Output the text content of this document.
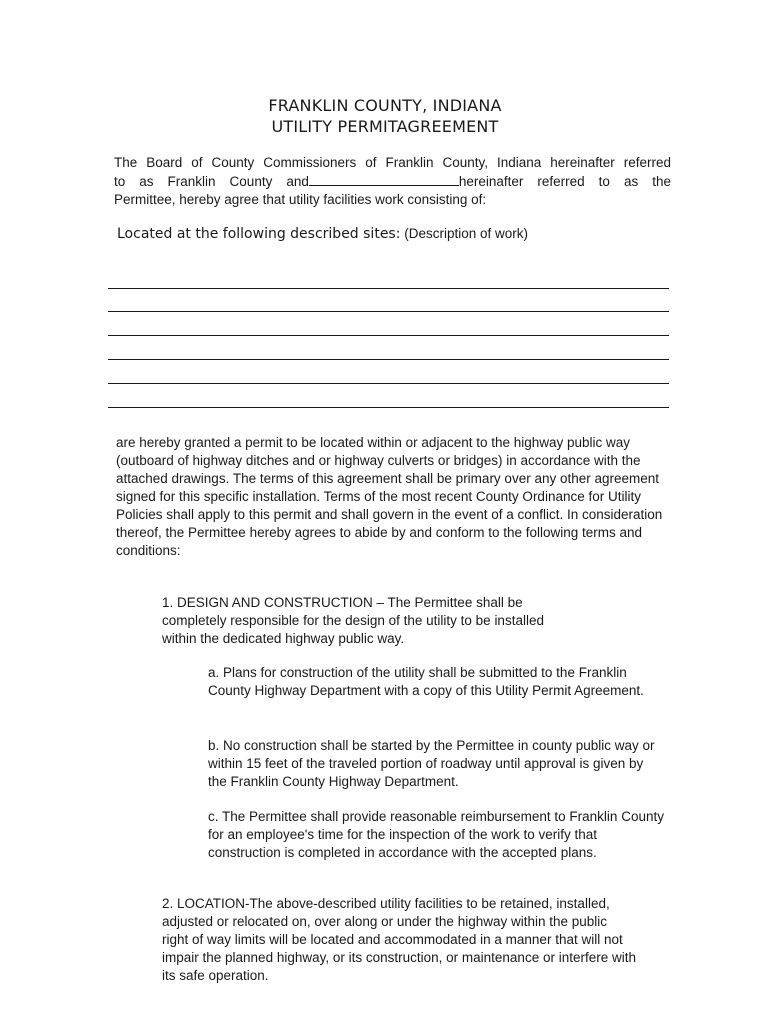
FRANKLIN COUNTY, INDIANA
UTILITY PERMITAGREEMENT
The Board of County Commissioners of Franklin County, Indiana hereinafter referred
to as Franklin County and	hereinafter referred to as the
Permittee, hereby agree that utility facilities work consisting of:
Located at the following described sites: (Description of work)
are hereby granted a permit to be located within or adjacent to the highway public way (outboard of highway ditches and or highway culverts or bridges) in accordance with the attached drawings. The terms of this agreement shall be primary over any other agreement signed for this specific installation. Terms of the most recent County Ordinance for Utility Policies shall apply to this permit and shall govern in the event of a conflict. In consideration thereof, the Permittee hereby agrees to abide by and conform to the following terms and conditions:
1. DESIGN AND CONSTRUCTION – The Permittee shall be completely responsible for the design of the utility to be installed within the dedicated highway public way.
a. Plans for construction of the utility shall be submitted to the Franklin County Highway Department with a copy of this Utility Permit Agreement.
b. No construction shall be started by the Permittee in county public way or within 15 feet of the traveled portion of roadway until approval is given by the Franklin County Highway Department.
c. The Permittee shall provide reasonable reimbursement to Franklin County for an employee's time for the inspection of the work to verify that construction is completed in accordance with the accepted plans.
2. LOCATION-The above-described utility facilities to be retained, installed, adjusted or relocated on, over along or under the highway within the public right of way limits will be located and accommodated in a manner that will not impair the planned highway, or its construction, or maintenance or interfere with its safe operation.
